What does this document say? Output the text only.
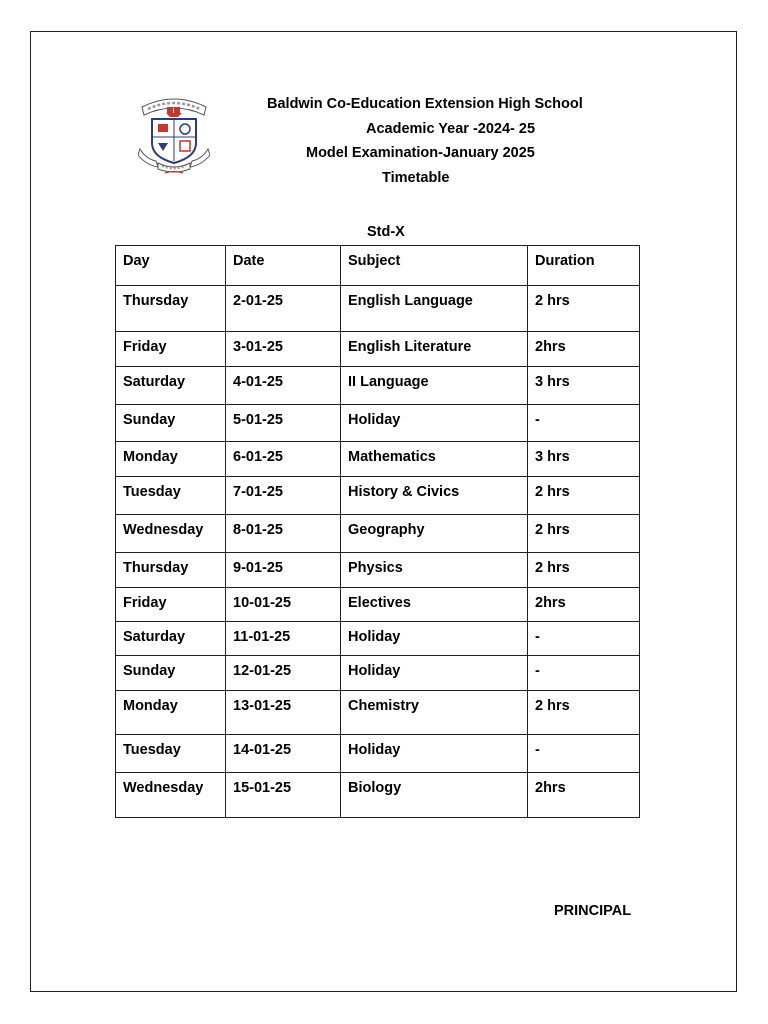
Baldwin Co-Education Extension High School
Academic Year -2024- 25
Model Examination-January 2025
Timetable
Std-X
Day	Date	Subject	Duration
Thursday	2-01-25	English Language	2 hrs
Friday	3-01-25	English Literature	2hrs
Saturday	4-01-25	II Language	3 hrs
Sunday	5-01-25	Holiday	-
Monday	6-01-25	Mathematics	3 hrs
Tuesday	7-01-25	History & Civics	2 hrs
Wednesday	8-01-25	Geography	2 hrs
Thursday	9-01-25	Physics	2 hrs
Friday	10-01-25	Electives	2hrs
Saturday	11-01-25	Holiday	-
Sunday	12-01-25	Holiday	-
Monday	13-01-25	Chemistry	2 hrs
Tuesday	14-01-25	Holiday	-
Wednesday	15-01-25	Biology	2hrs
PRINCIPAL
